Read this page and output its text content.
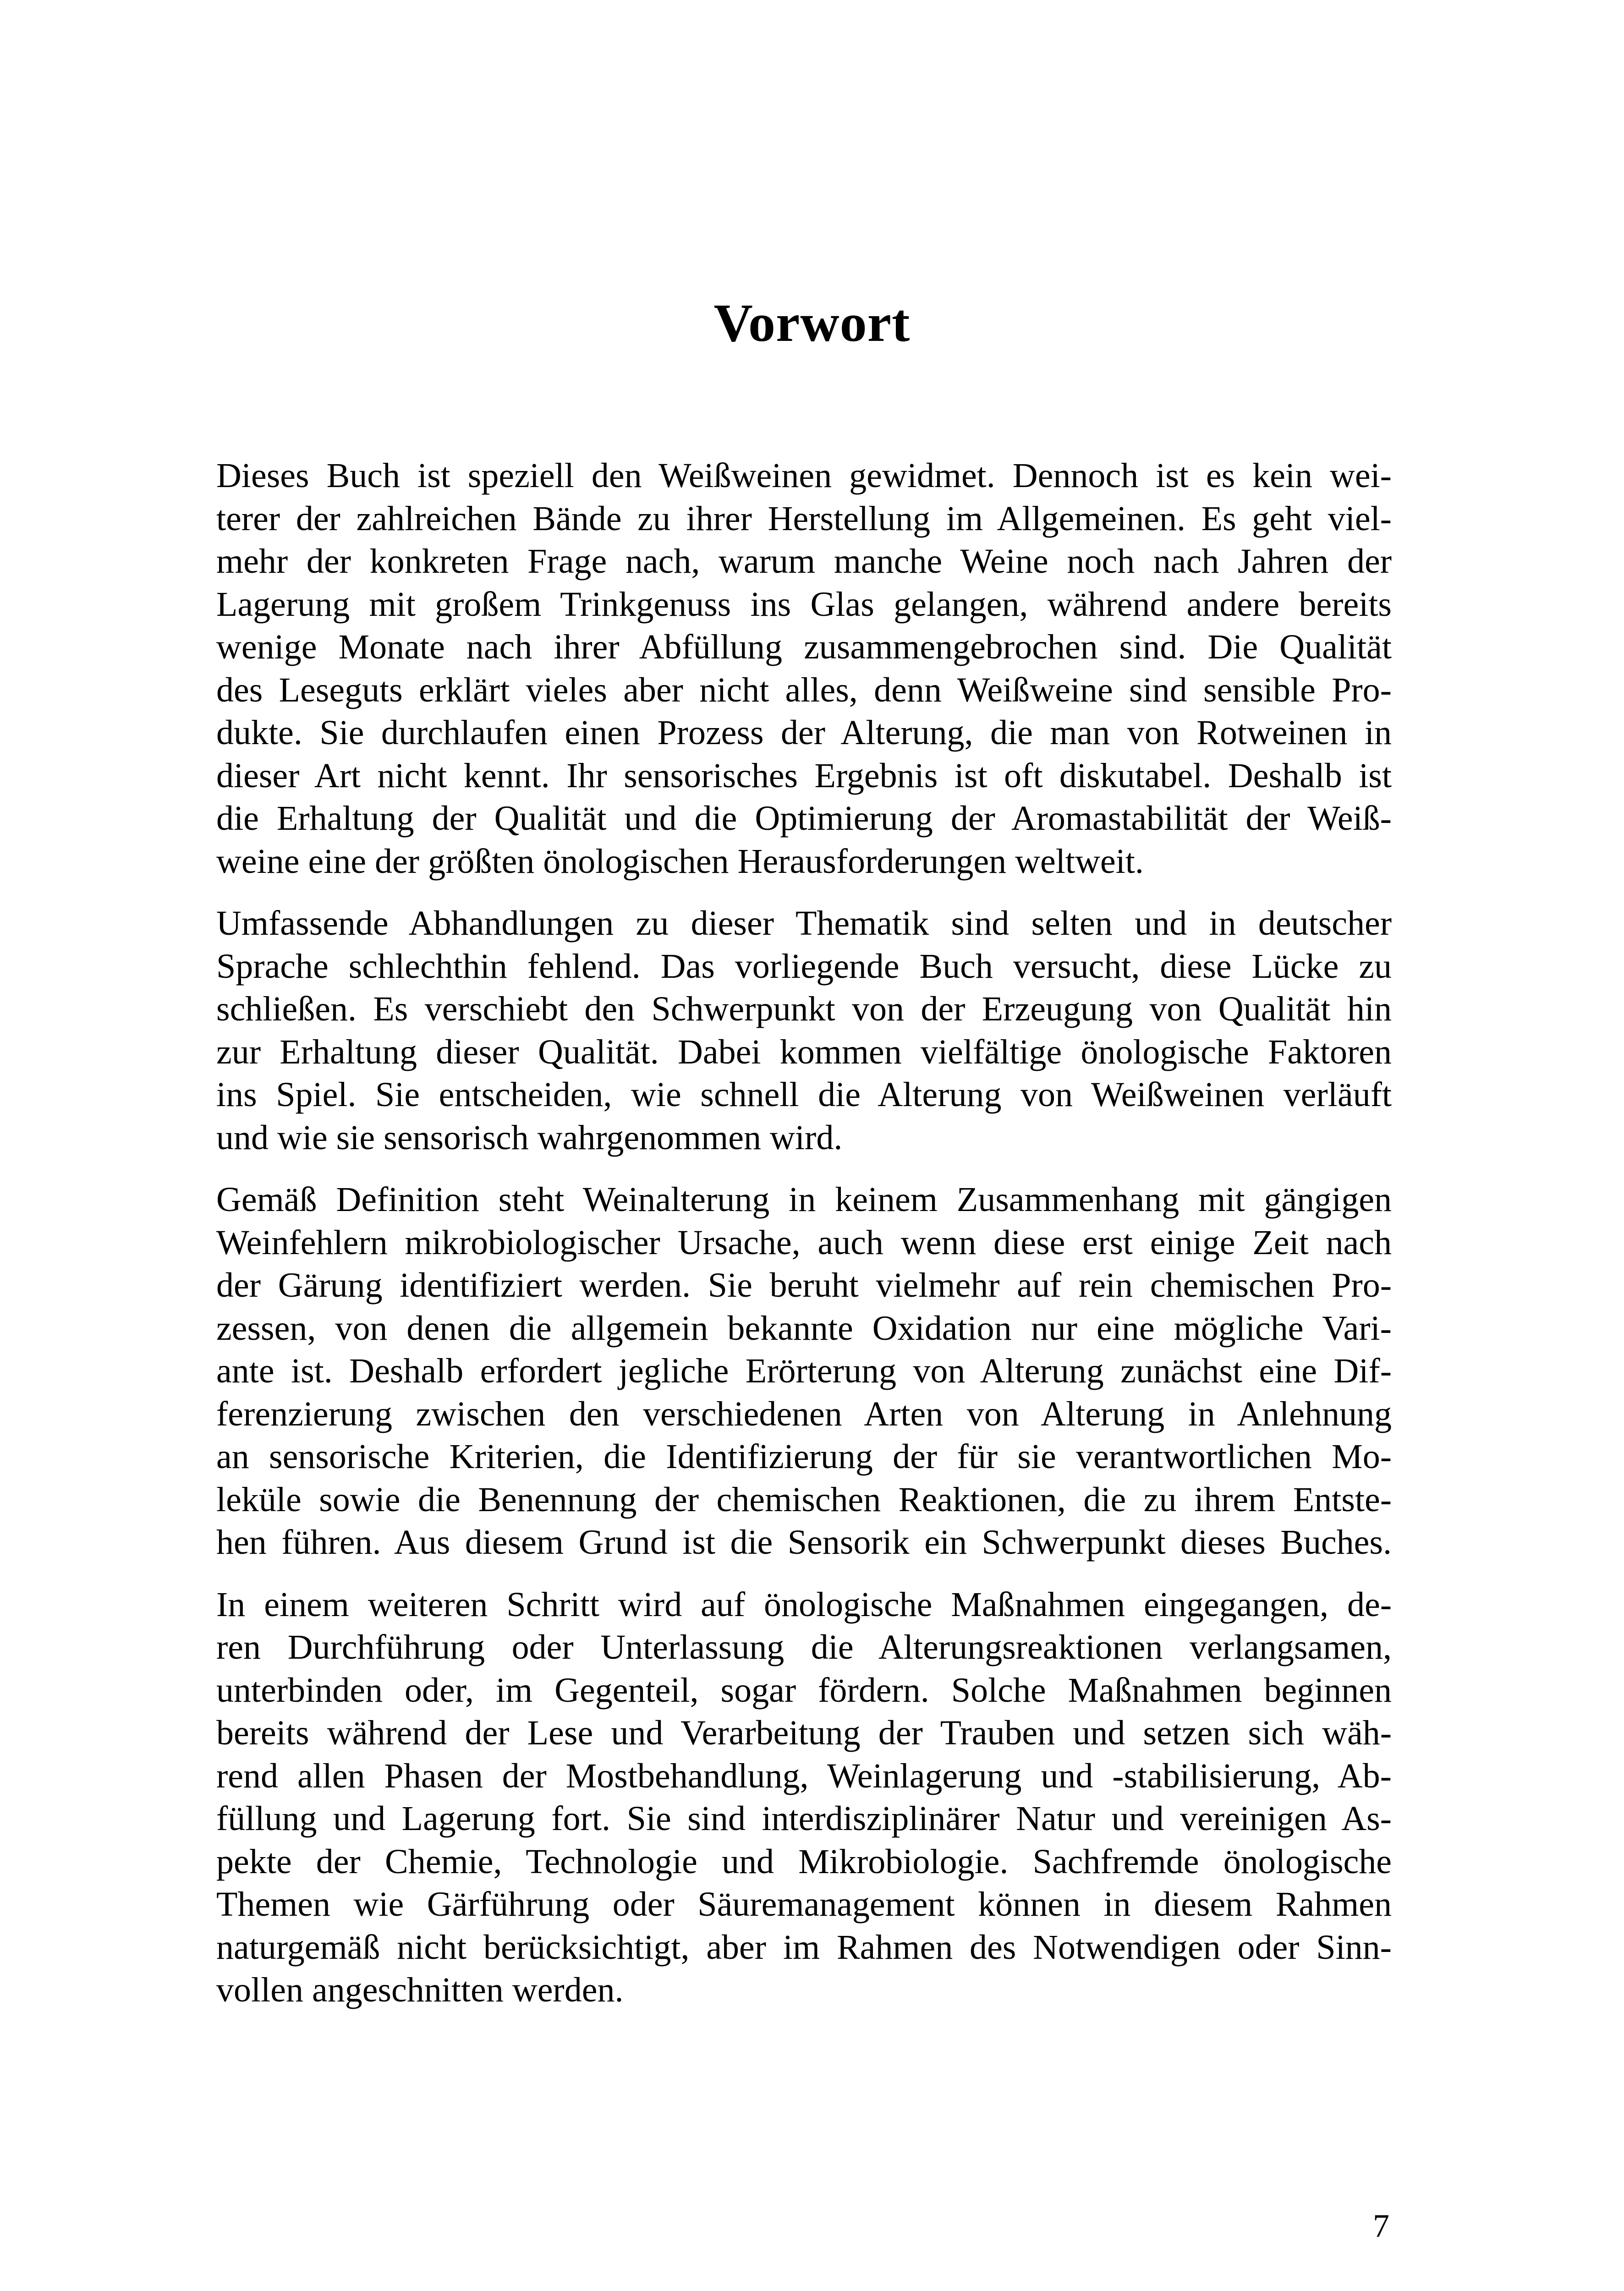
Vorwort

Dieses Buch ist speziell den Weißweinen gewidmet. Dennoch ist es kein wei-
terer der zahlreichen Bände zu ihrer Herstellung im Allgemeinen. Es geht viel-
mehr der konkreten Frage nach, warum manche Weine noch nach Jahren der
Lagerung mit großem Trinkgenuss ins Glas gelangen, während andere bereits
wenige Monate nach ihrer Abfüllung zusammengebrochen sind. Die Qualität
des Leseguts erklärt vieles aber nicht alles, denn Weißweine sind sensible Pro-
dukte. Sie durchlaufen einen Prozess der Alterung, die man von Rotweinen in
dieser Art nicht kennt. Ihr sensorisches Ergebnis ist oft diskutabel. Deshalb ist
die Erhaltung der Qualität und die Optimierung der Aromastabilität der Weiß-
weine eine der größten önologischen Herausforderungen weltweit.

Umfassende Abhandlungen zu dieser Thematik sind selten und in deutscher
Sprache schlechthin fehlend. Das vorliegende Buch versucht, diese Lücke zu
schließen. Es verschiebt den Schwerpunkt von der Erzeugung von Qualität hin
zur Erhaltung dieser Qualität. Dabei kommen vielfältige önologische Faktoren
ins Spiel. Sie entscheiden, wie schnell die Alterung von Weißweinen verläuft
und wie sie sensorisch wahrgenommen wird.

Gemäß Definition steht Weinalterung in keinem Zusammenhang mit gängigen
Weinfehlern mikrobiologischer Ursache, auch wenn diese erst einige Zeit nach
der Gärung identifiziert werden. Sie beruht vielmehr auf rein chemischen Pro-
zessen, von denen die allgemein bekannte Oxidation nur eine mögliche Vari-
ante ist. Deshalb erfordert jegliche Erörterung von Alterung zunächst eine Dif-
ferenzierung zwischen den verschiedenen Arten von Alterung in Anlehnung
an sensorische Kriterien, die Identifizierung der für sie verantwortlichen Mo-
leküle sowie die Benennung der chemischen Reaktionen, die zu ihrem Entste-
hen führen. Aus diesem Grund ist die Sensorik ein Schwerpunkt dieses Buches.

In einem weiteren Schritt wird auf önologische Maßnahmen eingegangen, de-
ren Durchführung oder Unterlassung die Alterungsreaktionen verlangsamen,
unterbinden oder, im Gegenteil, sogar fördern. Solche Maßnahmen beginnen
bereits während der Lese und Verarbeitung der Trauben und setzen sich wäh-
rend allen Phasen der Mostbehandlung, Weinlagerung und -stabilisierung, Ab-
füllung und Lagerung fort. Sie sind interdisziplinärer Natur und vereinigen As-
pekte der Chemie, Technologie und Mikrobiologie. Sachfremde önologische
Themen wie Gärführung oder Säuremanagement können in diesem Rahmen
naturgemäß nicht berücksichtigt, aber im Rahmen des Notwendigen oder Sinn-
vollen angeschnitten werden.

7
